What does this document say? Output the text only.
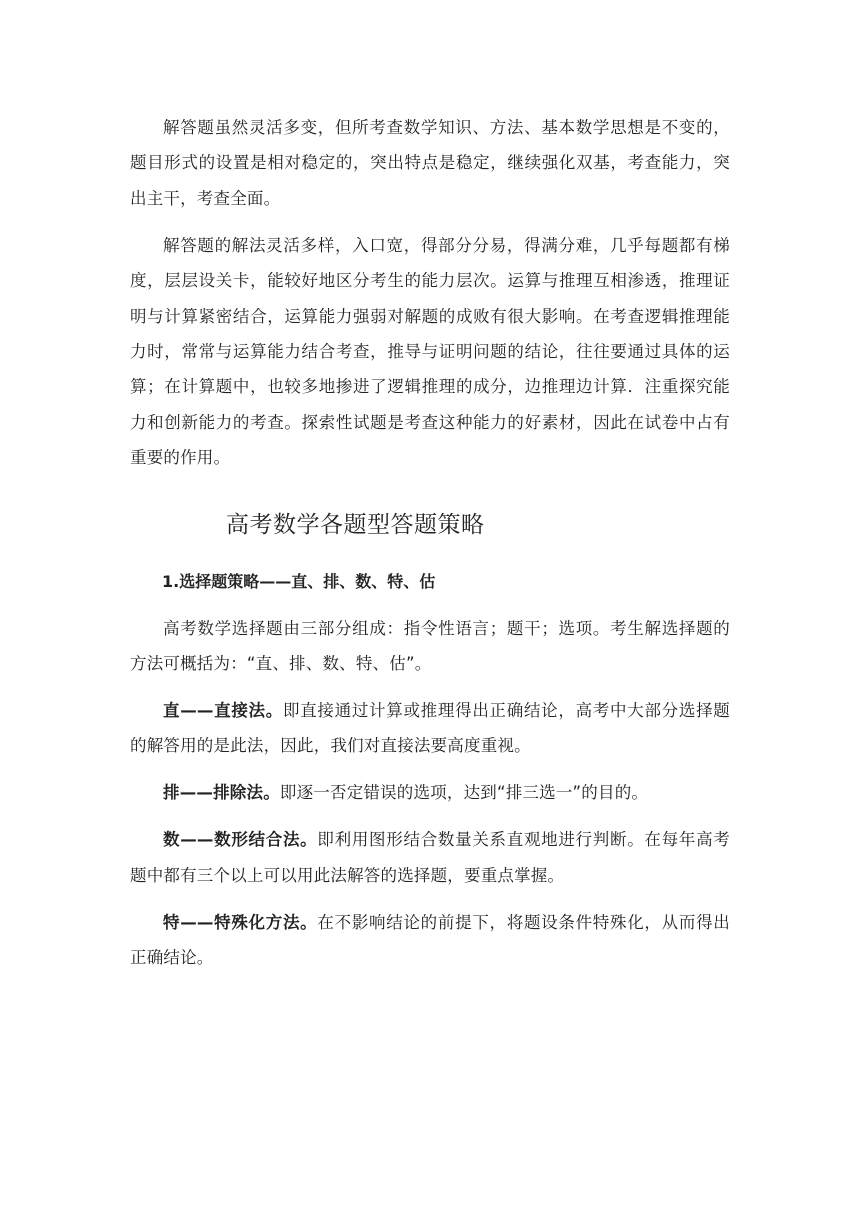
解答题虽然灵活多变，但所考查数学知识、方法、基本数学思想是不变的，题目形式的设置是相对稳定的，突出特点是稳定，继续强化双基，考查能力，突出主干，考查全面。

解答题的解法灵活多样，入口宽，得部分分易，得满分难，几乎每题都有梯度，层层设关卡，能较好地区分考生的能力层次。运算与推理互相渗透，推理证明与计算紧密结合，运算能力强弱对解题的成败有很大影响。在考查逻辑推理能力时，常常与运算能力结合考查，推导与证明问题的结论，往往要通过具体的运算；在计算题中，也较多地掺进了逻辑推理的成分，边推理边计算．注重探究能力和创新能力的考查。探索性试题是考查这种能力的好素材，因此在试卷中占有重要的作用。

高考数学各题型答题策略

1.选择题策略——直、排、数、特、估

高考数学选择题由三部分组成：指令性语言；题干；选项。考生解选择题的方法可概括为：“直、排、数、特、估”。

直——直接法。即直接通过计算或推理得出正确结论，高考中大部分选择题的解答用的是此法，因此，我们对直接法要高度重视。

排——排除法。即逐一否定错误的选项，达到“排三选一”的目的。

数——数形结合法。即利用图形结合数量关系直观地进行判断。在每年高考题中都有三个以上可以用此法解答的选择题，要重点掌握。

特——特殊化方法。在不影响结论的前提下，将题设条件特殊化，从而得出正确结论。
